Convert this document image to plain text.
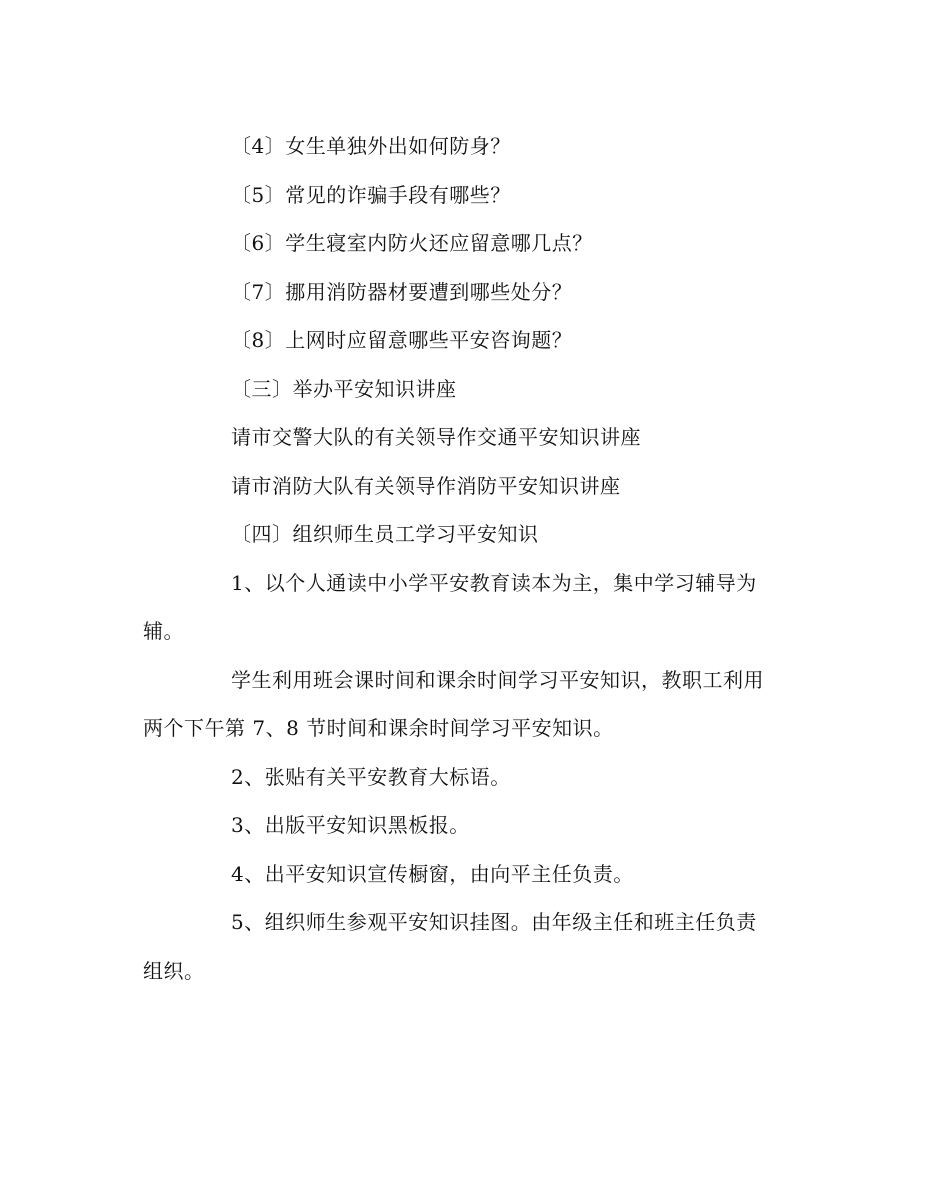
〔4〕女生单独外出如何防身？
〔5〕常见的诈骗手段有哪些？
〔6〕学生寝室内防火还应留意哪几点？
〔7〕挪用消防器材要遭到哪些处分？
〔8〕上网时应留意哪些平安咨询题？
〔三〕举办平安知识讲座
请市交警大队的有关领导作交通平安知识讲座
请市消防大队有关领导作消防平安知识讲座
〔四〕组织师生员工学习平安知识
1、以个人通读中小学平安教育读本为主，集中学习辅导为
辅。
学生利用班会课时间和课余时间学习平安知识，教职工利用
两个下午第 7、8 节时间和课余时间学习平安知识。
2、张贴有关平安教育大标语。
3、出版平安知识黑板报。
4、出平安知识宣传橱窗，由向平主任负责。
5、组织师生参观平安知识挂图。由年级主任和班主任负责
组织。
